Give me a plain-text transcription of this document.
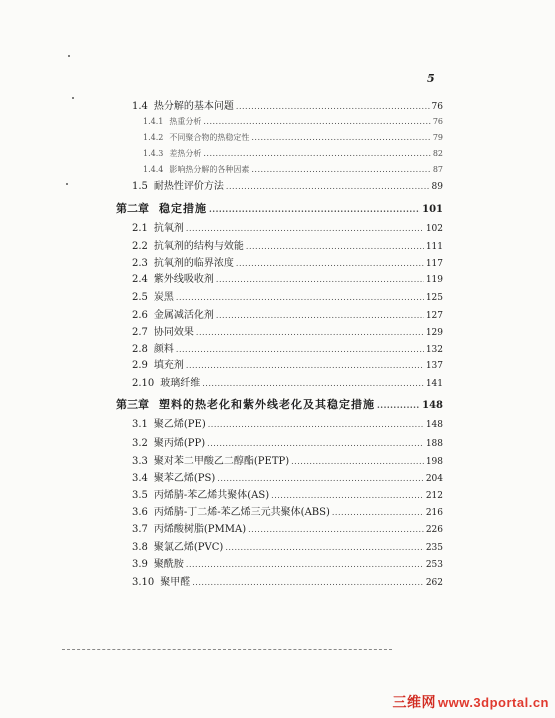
5
1.4 热分解的基本问题 .....	76
1.4.1 热重分析 .....	76
1.4.2 不同聚合物的热稳定性 .....	79
1.4.3 差热分析 .....	82
1.4.4 影响热分解的各种因素 .....	87
1.5 耐热性评价方法 .....	89
第二章 稳定措施 .....	101
2.1 抗氧剂 .....	102
2.2 抗氧剂的结构与效能 .....	111
2.3 抗氧剂的临界浓度 .....	117
2.4 紫外线吸收剂 .....	119
2.5 炭黑 .....	125
2.6 金属减活化剂 .....	127
2.7 协同效果 .....	129
2.8 颜料 .....	132
2.9 填充剂 .....	137
2.10 玻璃纤维 .....	141
第三章 塑料的热老化和紫外线老化及其稳定措施 .....	148
3.1 聚乙烯(PE) .....	148
3.2 聚丙烯(PP) .....	188
3.3 聚对苯二甲酸乙二醇酯(PETP) .....	198
3.4 聚苯乙烯(PS) .....	204
3.5 丙烯腈-苯乙烯共聚体(AS) .....	212
3.6 丙烯腈-丁二烯-苯乙烯三元共聚体(ABS) .....	216
3.7 丙烯酸树脂(PMMA) .....	226
3.8 聚氯乙烯(PVC) .....	235
3.9 聚酰胺 .....	253
3.10 聚甲醛 .....	262
三维网 www.3dportal.cn
